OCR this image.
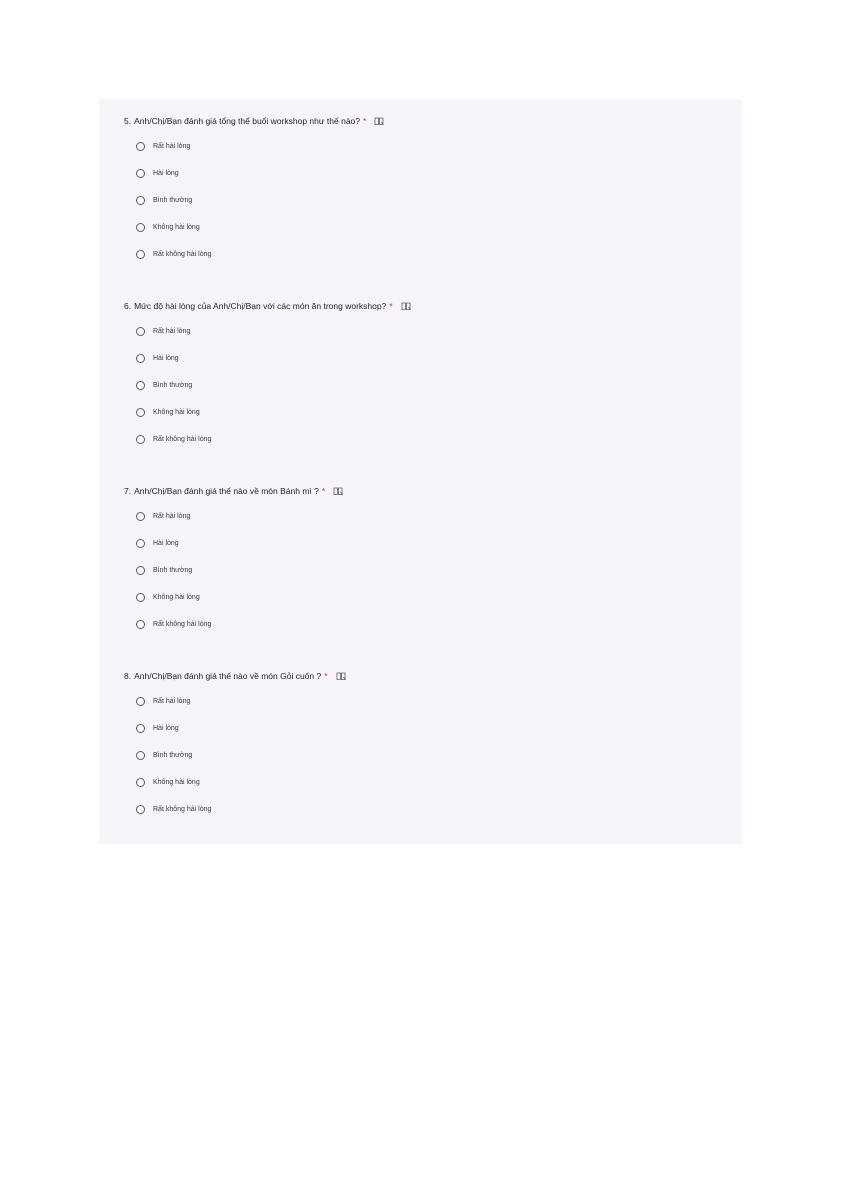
5. Anh/Chị/Bạn đánh giá tổng thể buổi workshop như thế nào? *
Rất hài lòng
Hài lòng
Bình thường
Không hài lòng
Rất không hài lòng
6. Mức độ hài lòng của Anh/Chị/Bạn với các món ăn trong workshop? *
Rất hài lòng
Hài lòng
Bình thường
Không hài lòng
Rất không hài lòng
7. Anh/Chị/Bạn đánh giá thế nào về món Bánh mì ? *
Rất hài lòng
Hài lòng
Bình thường
Không hài lòng
Rất không hài lòng
8. Anh/Chị/Bạn đánh giá thế nào về món Gỏi cuốn ? *
Rất hài lòng
Hài lòng
Bình thường
Không hài lòng
Rất không hài lòng
